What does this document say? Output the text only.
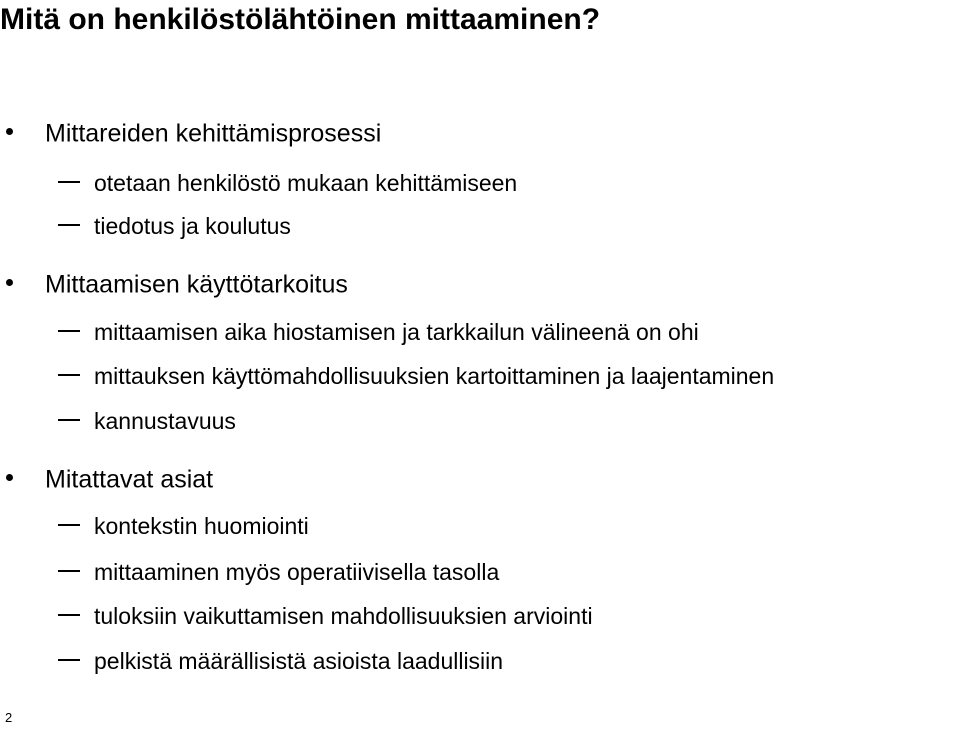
Mitä on henkilöstölähtöinen mittaaminen?
Mittareiden kehittämisprosessi
otetaan henkilöstö mukaan kehittämiseen
tiedotus ja koulutus
Mittaamisen käyttötarkoitus
mittaamisen aika hiostamisen ja tarkkailun välineenä on ohi
mittauksen käyttömahdollisuuksien kartoittaminen ja laajentaminen
kannustavuus
Mitattavat asiat
kontekstin huomiointi
mittaaminen myös operatiivisella tasolla
tuloksiin vaikuttamisen mahdollisuuksien arviointi
pelkistä määrällisistä asioista laadullisiin
2
